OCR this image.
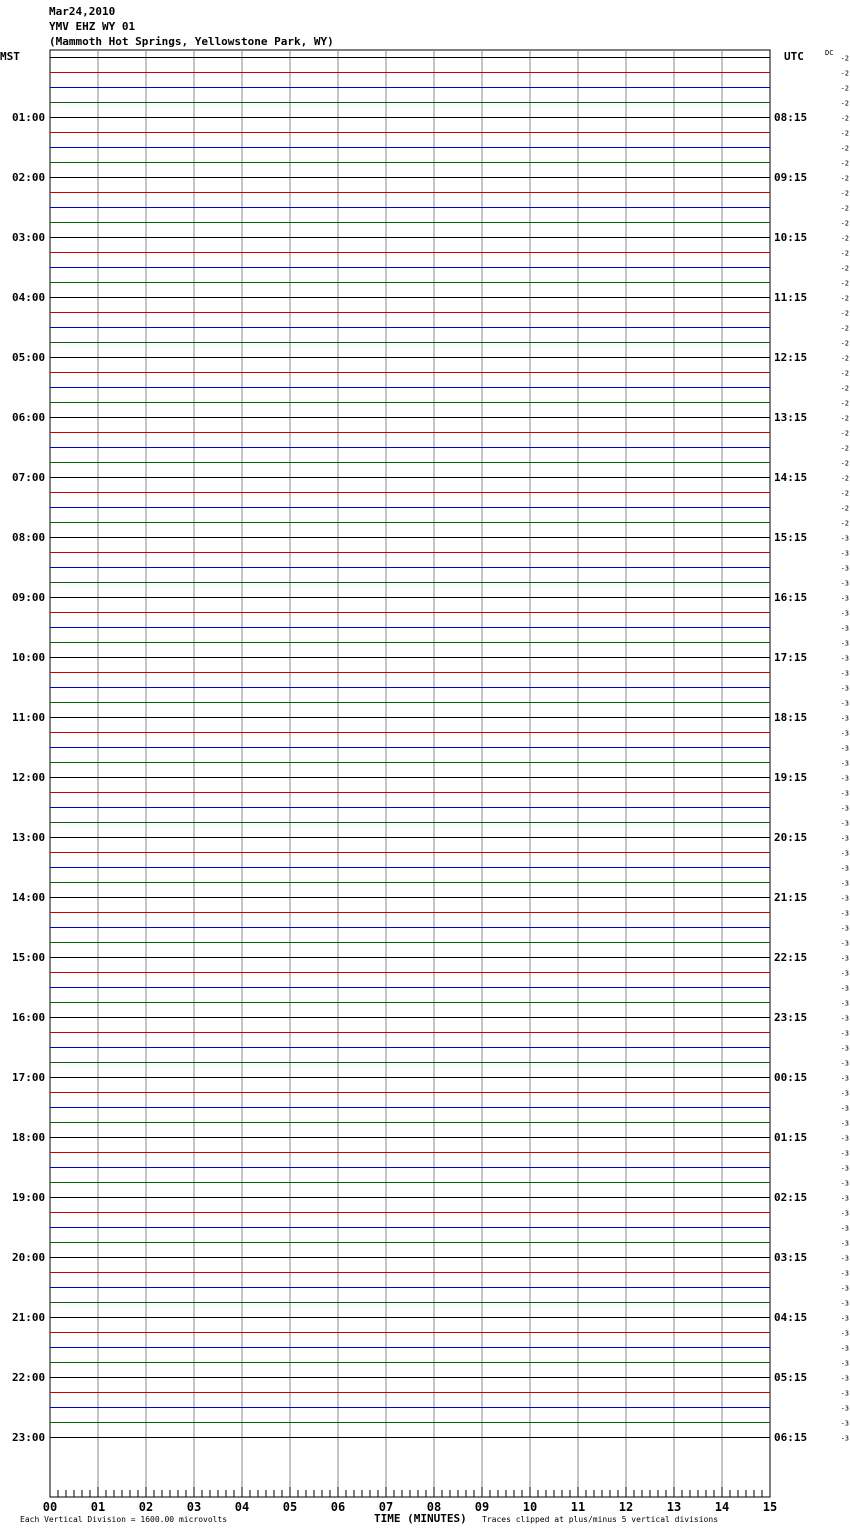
Mar24,2010
YMV EHZ WY 01
(Mammoth Hot Springs, Yellowstone Park, WY)
MST	UTC	DC
-2
-2
-2
-2
-2
-2
-2
-2
-2
-2
-2
-2
-2
-2
-2
-2
-2
-2
-2
-2
-2
-2
-2
-2
-2
-2
-2
-2
-2
-2
-2
-2
-3
-3
-3
-3
-3
-3
-3
-3
-3
-3
-3
-3
-3
-3
-3
-3
-3
-3
-3
-3
-3
-3
-3
-3
-3
-3
-3
-3
-3
-3
-3
-3
-3
-3
-3
-3
-3
-3
-3
-3
-3
-3
-3
-3
-3
-3
-3
-3
-3
-3
-3
-3
-3
-3
-3
-3
-3
-3
-3
-3
-3
01:00
02:00
03:00
04:00
05:00
06:00
07:00
08:00
09:00
10:00
11:00
12:00
13:00
14:00
15:00
16:00
17:00
18:00
19:00
20:00
21:00
22:00
23:00
08:15
09:15
10:15
11:15
12:15
13:15
14:15
15:15
16:15
17:15
18:15
19:15
20:15
21:15
22:15
23:15
00:15
01:15
02:15
03:15
04:15
05:15
06:15
00	01	02	03	04	05	06	07	08	09	10	11	12	13	14	15
Each Vertical Division = 1600.00 microvolts	TIME (MINUTES) Traces clipped at plus/minus 5 vertical divisions
